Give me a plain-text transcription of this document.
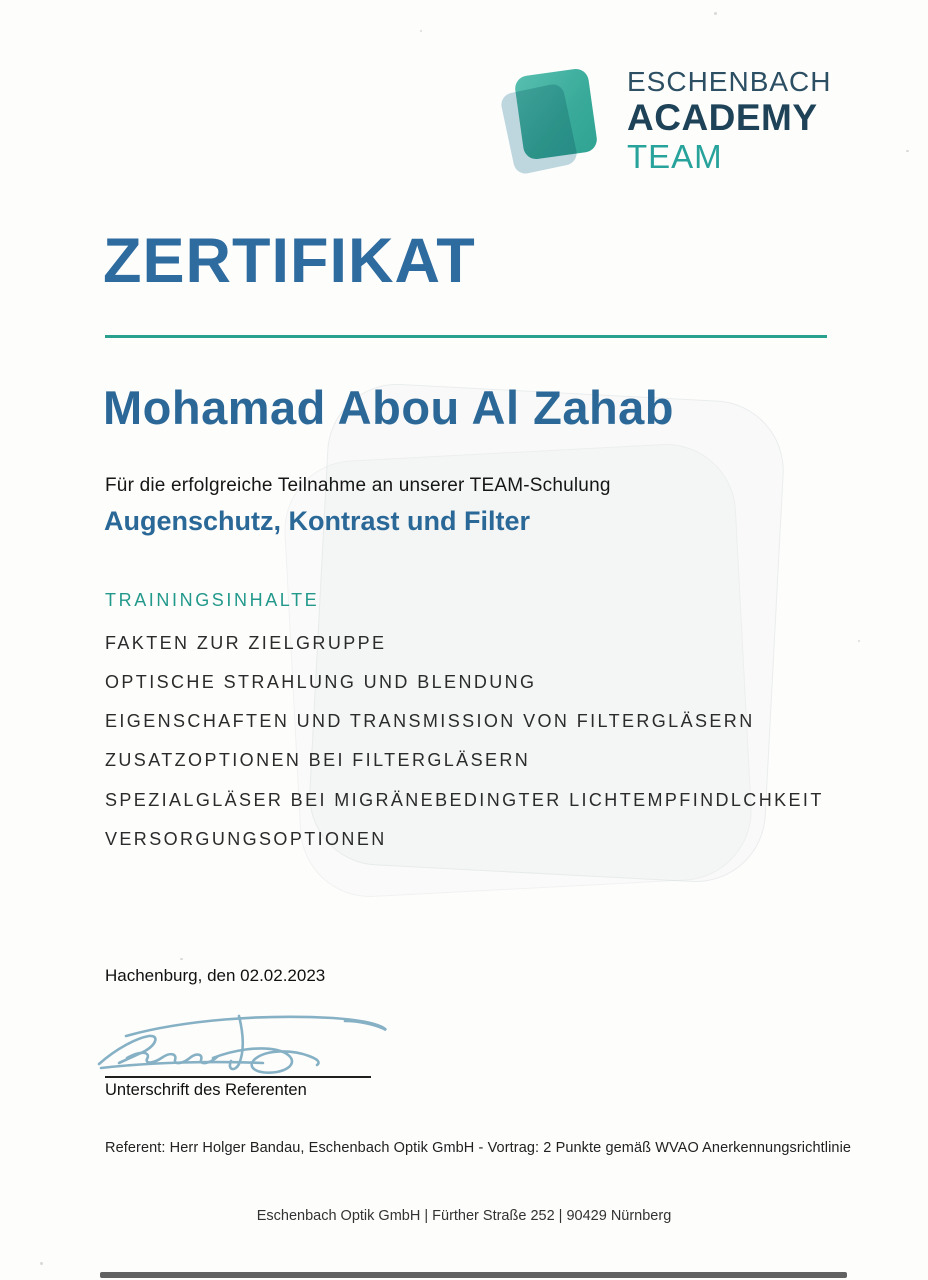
ESCHENBACH
ACADEMY
TEAM
ZERTIFIKAT
Mohamad Abou Al Zahab

Für die erfolgreiche Teilnahme an unserer TEAM-Schulung

Augenschutz, Kontrast und Filter
TRAININGSINHALTE
FAKTEN ZUR ZIELGRUPPE
OPTISCHE STRAHLUNG UND BLENDUNG
EIGENSCHAFTEN UND TRANSMISSION VON FILTERGLÄSERN
ZUSATZOPTIONEN BEI FILTERGLÄSERN
SPEZIALGLÄSER BEI MIGRÄNEBEDINGTER LICHTEMPFINDLCHKEIT
VERSORGUNGSOPTIONEN
Hachenburg, den 02.02.2023
Unterschrift des Referenten
Referent: Herr Holger Bandau, Eschenbach Optik GmbH - Vortrag: 2 Punkte gemäß WVAO Anerkennungsrichtlinie
Eschenbach Optik GmbH | Fürther Straße 252 | 90429 Nürnberg
